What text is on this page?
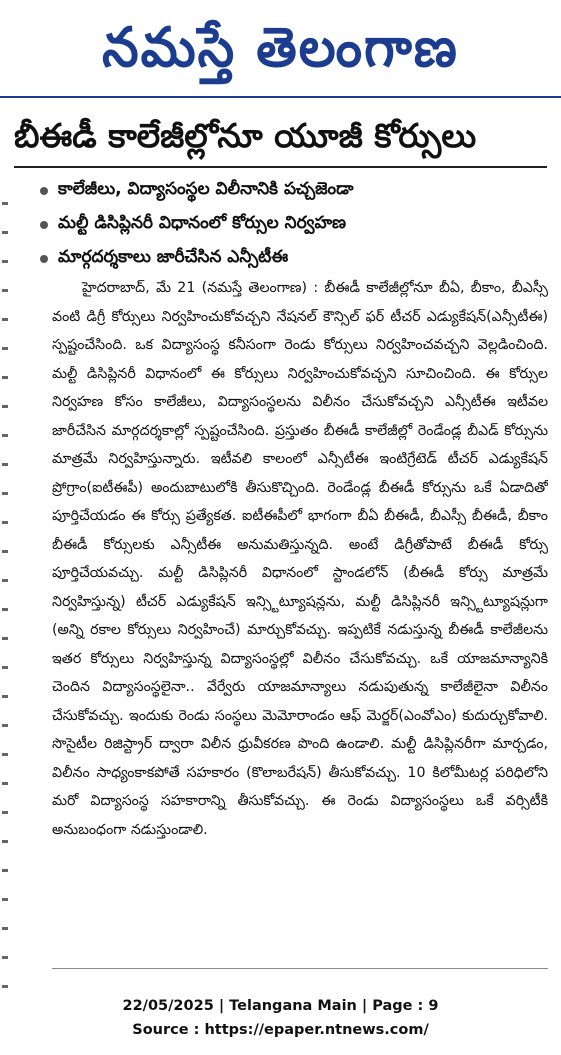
నమస్తే తెలంగాణ
బీఈడీ కాలేజీల్లోనూ యూజీ కోర్సులు
కాలేజీలు, విద్యాసంస్థల విలీనానికి పచ్చజెండా
మల్టీ డిసిప్లినరీ విధానంలో కోర్సుల నిర్వహణ
మార్గదర్శకాలు జారీచేసిన ఎన్సీటీఈ
హైదరాబాద్, మే 21 (నమస్తే తెలంగాణ) : బీఈడీ కాలేజీల్లోనూ బీఏ, బీకాం, బీఎస్సీ వంటి డిగ్రీ కోర్సులు నిర్వహించుకోవచ్చని నేషనల్ కౌన్సిల్ ఫర్ టీచర్ ఎడ్యుకేషన్(ఎన్సీటీఈ) స్పష్టంచేసింది. ఒక విద్యాసంస్థ కనీసంగా రెండు కోర్సులు నిర్వహించవచ్చని వెల్లడించింది. మల్టీ డిసిప్లినరీ విధానంలో ఈ కోర్సులు నిర్వహించుకోవచ్చని సూచించింది. ఈ కోర్సుల నిర్వహణ కోసం కాలేజీలు, విద్యాసంస్థలను విలీనం చేసుకోవచ్చని ఎన్సీటీఈ ఇటీవల జారీచేసిన మార్గదర్శకాల్లో స్పష్టంచేసింది. ప్రస్తుతం బీఈడీ కాలేజీల్లో రెండేండ్ల బీఎడ్ కోర్సును మాత్రమే నిర్వహిస్తున్నారు. ఇటీవలి కాలంలో ఎన్సీటీఈ ఇంటిగ్రేటెడ్ టీచర్ ఎడ్యుకేషన్ ప్రోగ్రాం(ఐటీఈపీ) అందుబాటులోకి తీసుకొచ్చింది. రెండేండ్ల బీఈడీ కోర్సును ఒకే ఏడాదితో పూర్తిచేయడం ఈ కోర్సు ప్రత్యేకత. ఐటీఈపీలో భాగంగా బీఏ బీఈడీ, బీఎస్సీ బీఈడీ, బీకాం బీఈడీ కోర్సులకు ఎన్సీటీఈ అనుమతిస్తున్నది. అంటే డిగ్రీతోపాటే బీఈడీ కోర్సు పూర్తిచేయవచ్చు. మల్టీ డిసిప్లినరీ విధానంలో స్టాండలోన్ (బీఈడీ కోర్సు మాత్రమే నిర్వహిస్తున్న) టీచర్ ఎడ్యుకేషన్ ఇన్స్టిట్యూషన్లను, మల్టీ డిసిప్లినరీ ఇన్స్టిట్యూషన్లుగా (అన్ని రకాల కోర్సులు నిర్వహించే) మార్చుకోవచ్చు. ఇప్పటికే నడుస్తున్న బీఈడీ కాలేజీలను ఇతర కోర్సులు నిర్వహిస్తున్న విద్యాసంస్థల్లో విలీనం చేసుకోవచ్చు. ఒకే యాజమాన్యానికి చెందిన విద్యాసంస్థలైనా.. వేర్వేరు యాజమాన్యాలు నడుపుతున్న కాలేజీలైనా విలీనం చేసుకోవచ్చు. ఇందుకు రెండు సంస్థలు మెమోరాండం ఆఫ్ మెర్జర్(ఎంవోఎం) కుదుర్చుకోవాలి. సొసైటీల రిజిస్ట్రార్ ద్వారా విలీన ధ్రువీకరణ పొంది ఉండాలి. మల్టీ డిసిప్లినరీగా మార్చడం, విలీనం సాధ్యంకాకపోతే సహకారం (కొలాబరేషన్) తీసుకోవచ్చు. 10 కిలోమీటర్ల పరిధిలోని మరో విద్యాసంస్థ సహకారాన్ని తీసుకోవచ్చు. ఈ రెండు విద్యాసంస్థలు ఒకే వర్సిటీకి అనుబంధంగా నడుస్తుండాలి.
22/05/2025 | Telangana Main | Page : 9
Source : https://epaper.ntnews.com/
